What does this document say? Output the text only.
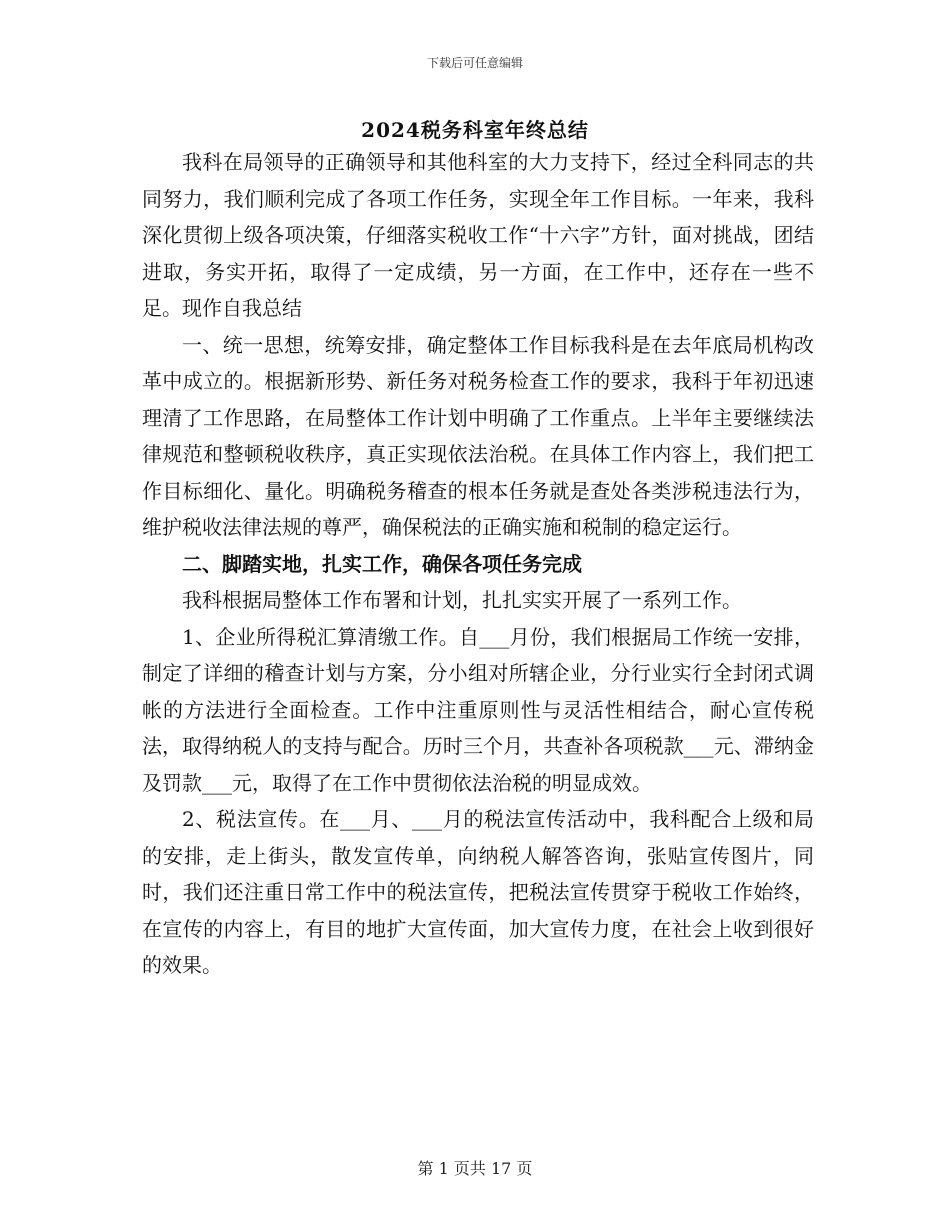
下载后可任意编辑
2024税务科室年终总结

我科在局领导的正确领导和其他科室的大力支持下，经过全科同志的共同努力，我们顺利完成了各项工作任务，实现全年工作目标。一年来，我科深化贯彻上级各项决策，仔细落实税收工作“十六字”方针，面对挑战，团结进取，务实开拓，取得了一定成绩，另一方面，在工作中，还存在一些不足。现作自我总结

一、统一思想，统筹安排，确定整体工作目标我科是在去年底局机构改革中成立的。根据新形势、新任务对税务检查工作的要求，我科于年初迅速理清了工作思路，在局整体工作计划中明确了工作重点。上半年主要继续法律规范和整顿税收秩序，真正实现依法治税。在具体工作内容上，我们把工作目标细化、量化。明确税务稽查的根本任务就是查处各类涉税违法行为，维护税收法律法规的尊严，确保税法的正确实施和税制的稳定运行。

二、脚踏实地，扎实工作，确保各项任务完成

我科根据局整体工作布署和计划，扎扎实实开展了一系列工作。

1、企业所得税汇算清缴工作。自___月份，我们根据局工作统一安排，制定了详细的稽查计划与方案，分小组对所辖企业，分行业实行全封闭式调帐的方法进行全面检查。工作中注重原则性与灵活性相结合，耐心宣传税法，取得纳税人的支持与配合。历时三个月，共查补各项税款___元、滞纳金及罚款___元，取得了在工作中贯彻依法治税的明显成效。

2、税法宣传。在___月、___月的税法宣传活动中，我科配合上级和局的安排，走上街头，散发宣传单，向纳税人解答咨询，张贴宣传图片，同时，我们还注重日常工作中的税法宣传，把税法宣传贯穿于税收工作始终，在宣传的内容上，有目的地扩大宣传面，加大宣传力度，在社会上收到很好的效果。

第 1 页共 17 页
